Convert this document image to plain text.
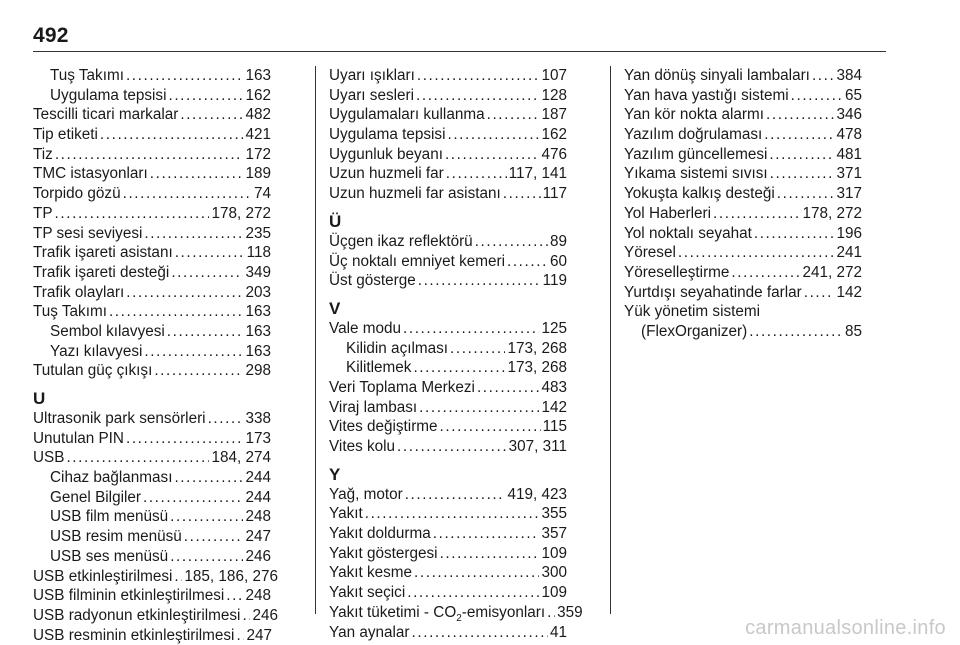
492
Tuş Takımı .....	163
Uygulama tepsisi .....	162
Tescilli ticari markalar .....	482
Tip etiketi .....	421
Tiz .....	172
TMC istasyonları .....	189
Torpido gözü .....	74
TP .....	178, 272
TP sesi seviyesi .....	235
Trafik işareti asistanı .....	118
Trafik işareti desteği .....	349
Trafik olayları .....	203
Tuş Takımı .....	163
Sembol kılavyesi .....	163
Yazı kılavyesi .....	163
Tutulan güç çıkışı .....	298
U
Ultrasonik park sensörleri .....	338
Unutulan PIN .....	173
USB .....	184, 274
Cihaz bağlanması .....	244
Genel Bilgiler .....	244
USB film menüsü .....	248
USB resim menüsü .....	247
USB ses menüsü .....	246
USB etkinleştirilmesi ..... 185, 186, 276
USB filminin etkinleştirilmesi ..... 248
USB radyonun etkinleştirilmesi ..... 246
USB resminin etkinleştirilmesi ..... 247
Uyarı ışıkları .....	107
Uyarı sesleri .....	128
Uygulamaları kullanma .....	187
Uygulama tepsisi .....	162
Uygunluk beyanı .....	476
Uzun huzmeli far .....	117, 141
Uzun huzmeli far asistanı .....	117
Ü
Üçgen ikaz reflektörü .....	89
Üç noktalı emniyet kemeri .....	60
Üst gösterge .....	119
V
Vale modu .....	125
Kilidin açılması .....	173, 268
Kilitlemek .....	173, 268
Veri Toplama Merkezi .....	483
Viraj lambası .....	142
Vites değiştirme .....	115
Vites kolu .....	307, 311
Y
Yağ, motor .....	419, 423
Yakıt .....	355
Yakıt doldurma .....	357
Yakıt göstergesi .....	109
Yakıt kesme .....	300
Yakıt seçici .....	109
Yakıt tüketimi - $CO_2$-emisyonları ..... 359
Yan aynalar .....	41
Yan dönüş sinyali lambaları ..... 384
Yan hava yastığı sistemi .....	65
Yan kör nokta alarmı .....	346
Yazılım doğrulaması .....	478
Yazılım güncellemesi .....	481
Yıkama sistemi sıvısı .....	371
Yokuşta kalkış desteği .....	317
Yol Haberleri .....	178, 272
Yol noktalı seyahat .....	196
Yöresel .....	241
Yöreselleştirme .....	241, 272
Yurtdışı seyahatinde farlar ..... 142
Yük yönetim sistemi
(FlexOrganizer) .....	85
carmanualsonline.info
